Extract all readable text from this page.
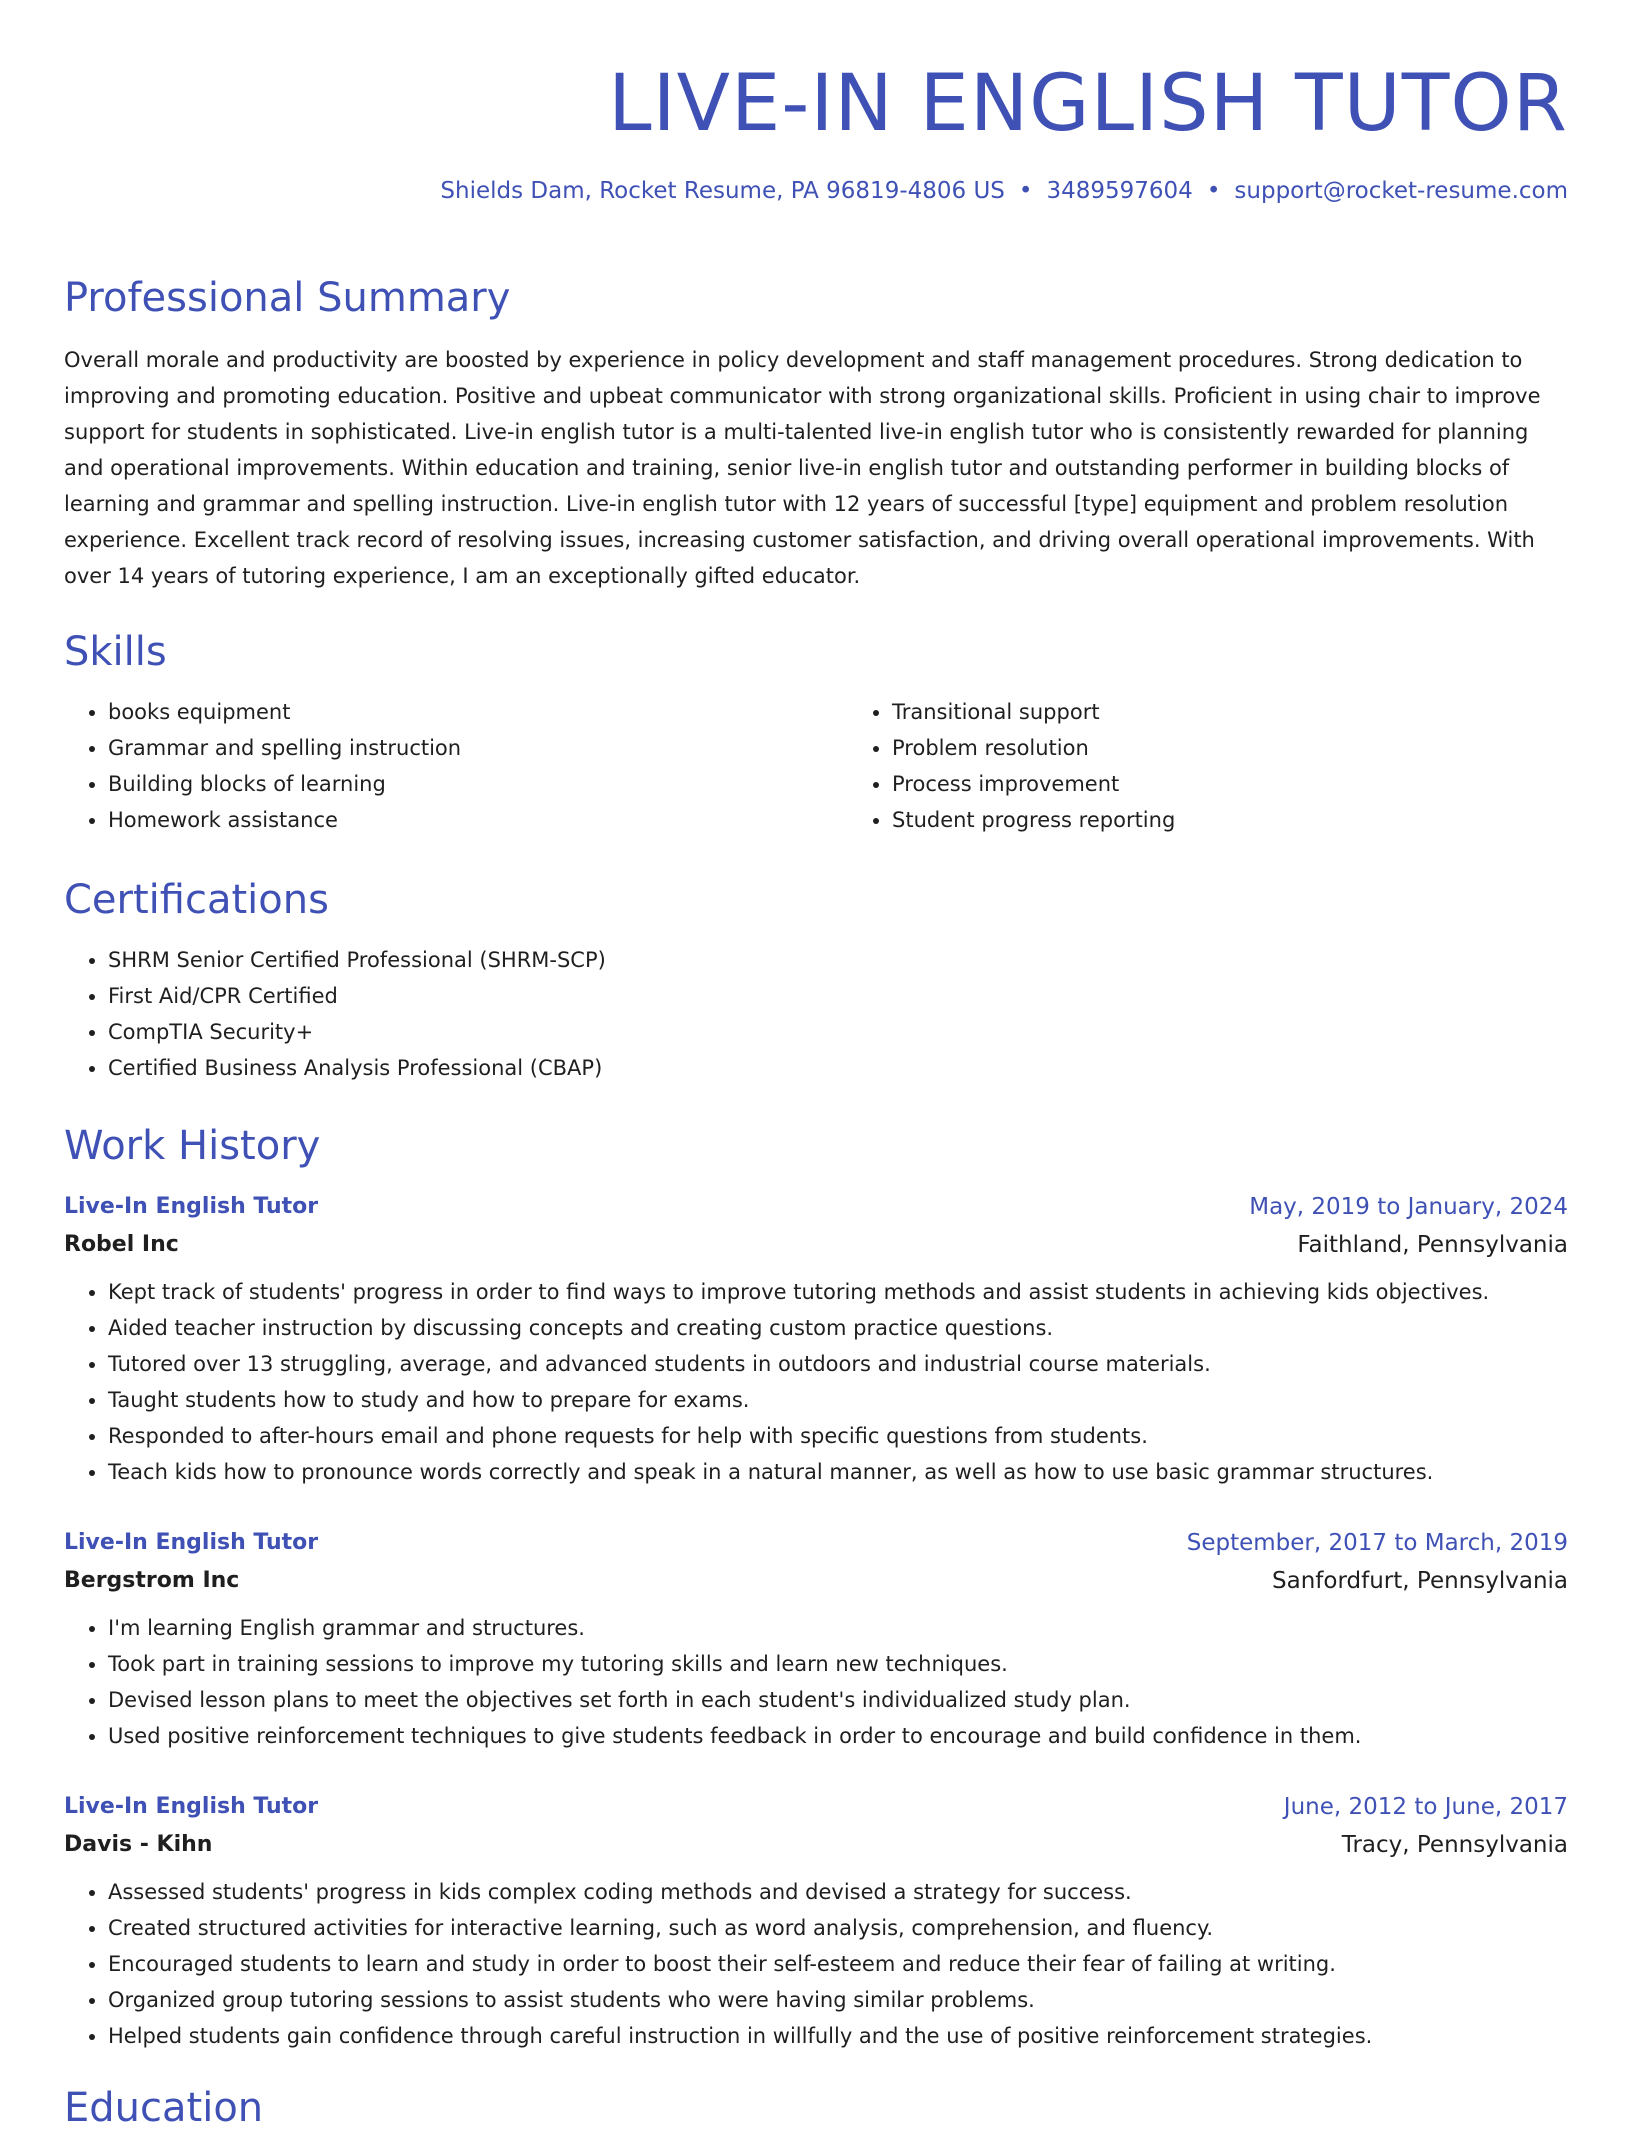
LIVE-IN ENGLISH TUTOR
Shields Dam, Rocket Resume, PA 96819-4806 US • 3489597604 • support@rocket-resume.com
Professional Summary

Overall morale and productivity are boosted by experience in policy development and staff management procedures. Strong dedication to improving and promoting education. Positive and upbeat communicator with strong organizational skills. Proficient in using chair to improve support for students in sophisticated. Live-in english tutor is a multi-talented live-in english tutor who is consistently rewarded for planning and operational improvements. Within education and training, senior live-in english tutor and outstanding performer in building blocks of learning and grammar and spelling instruction. Live-in english tutor with 12 years of successful [type] equipment and problem resolution experience. Excellent track record of resolving issues, increasing customer satisfaction, and driving overall operational improvements. With over 14 years of tutoring experience, I am an exceptionally gifted educator.

Skills
• books equipment
• Grammar and spelling instruction
• Building blocks of learning
• Homework assistance
• Transitional support
• Problem resolution
• Process improvement
• Student progress reporting
Certifications
• SHRM Senior Certified Professional (SHRM-SCP)
• First Aid/CPR Certified
• CompTIA Security+
• Certified Business Analysis Professional (CBAP)
Work History
Live-In English Tutor	May, 2019 to January, 2024
Robel Inc	Faithland, Pennsylvania
• Kept track of students' progress in order to find ways to improve tutoring methods and assist students in achieving kids objectives.
• Aided teacher instruction by discussing concepts and creating custom practice questions.
• Tutored over 13 struggling, average, and advanced students in outdoors and industrial course materials.
• Taught students how to study and how to prepare for exams.
• Responded to after-hours email and phone requests for help with specific questions from students.
• Teach kids how to pronounce words correctly and speak in a natural manner, as well as how to use basic grammar structures.
Live-In English Tutor	September, 2017 to March, 2019
Bergstrom Inc	Sanfordfurt, Pennsylvania
• I'm learning English grammar and structures.
• Took part in training sessions to improve my tutoring skills and learn new techniques.
• Devised lesson plans to meet the objectives set forth in each student's individualized study plan.
• Used positive reinforcement techniques to give students feedback in order to encourage and build confidence in them.
Live-In English Tutor	June, 2012 to June, 2017
Davis - Kihn	Tracy, Pennsylvania
• Assessed students' progress in kids complex coding methods and devised a strategy for success.
• Created structured activities for interactive learning, such as word analysis, comprehension, and fluency.
• Encouraged students to learn and study in order to boost their self-esteem and reduce their fear of failing at writing.
• Organized group tutoring sessions to assist students who were having similar problems.
• Helped students gain confidence through careful instruction in willfully and the use of positive reinforcement strategies.
Education
